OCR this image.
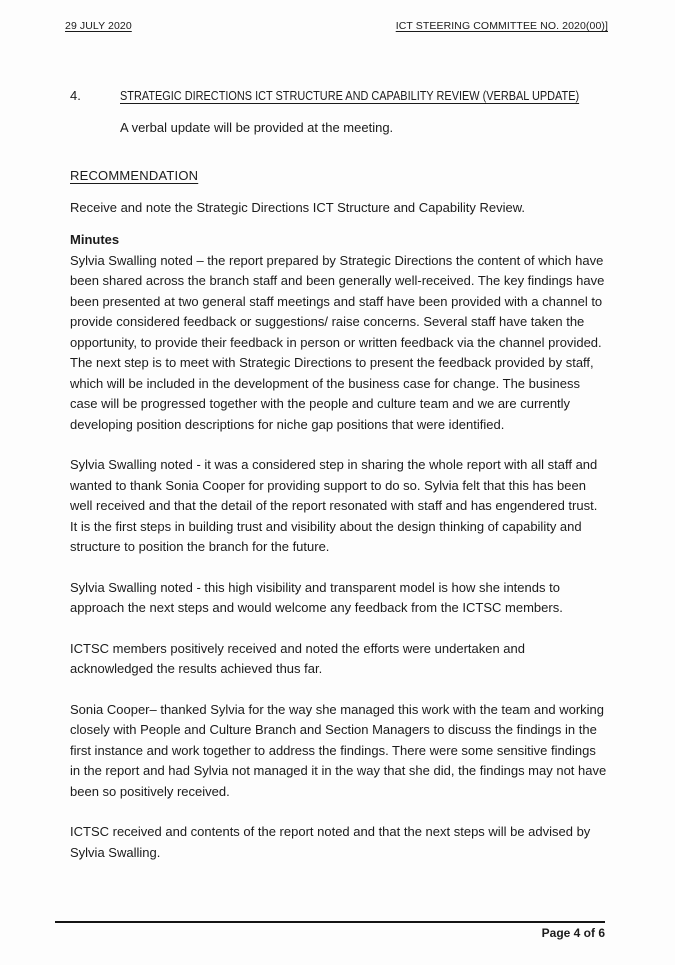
29 JULY 2020	ICT STEERING COMMITTEE NO. 2020(00)]
4.	STRATEGIC DIRECTIONS ICT STRUCTURE AND CAPABILITY REVIEW (VERBAL UPDATE)

A verbal update will be provided at the meeting.

RECOMMENDATION

Receive and note the Strategic Directions ICT Structure and Capability Review.

Minutes

Sylvia Swalling noted – the report prepared by Strategic Directions the content of which have been shared across the branch staff and been generally well-received. The key findings have been presented at two general staff meetings and staff have been provided with a channel to provide considered feedback or suggestions/ raise concerns. Several staff have taken the opportunity, to provide their feedback in person or written feedback via the channel provided. The next step is to meet with Strategic Directions to present the feedback provided by staff, which will be included in the development of the business case for change. The business case will be progressed together with the people and culture team and we are currently developing position descriptions for niche gap positions that were identified.

Sylvia Swalling noted - it was a considered step in sharing the whole report with all staff and wanted to thank Sonia Cooper for providing support to do so. Sylvia felt that this has been well received and that the detail of the report resonated with staff and has engendered trust. It is the first steps in building trust and visibility about the design thinking of capability and structure to position the branch for the future.

Sylvia Swalling noted - this high visibility and transparent model is how she intends to approach the next steps and would welcome any feedback from the ICTSC members.

ICTSC members positively received and noted the efforts were undertaken and acknowledged the results achieved thus far.

Sonia Cooper– thanked Sylvia for the way she managed this work with the team and working closely with People and Culture Branch and Section Managers to discuss the findings in the first instance and work together to address the findings. There were some sensitive findings in the report and had Sylvia not managed it in the way that she did, the findings may not have been so positively received.

ICTSC received and contents of the report noted and that the next steps will be advised by Sylvia Swalling.

Page 4 of 6
